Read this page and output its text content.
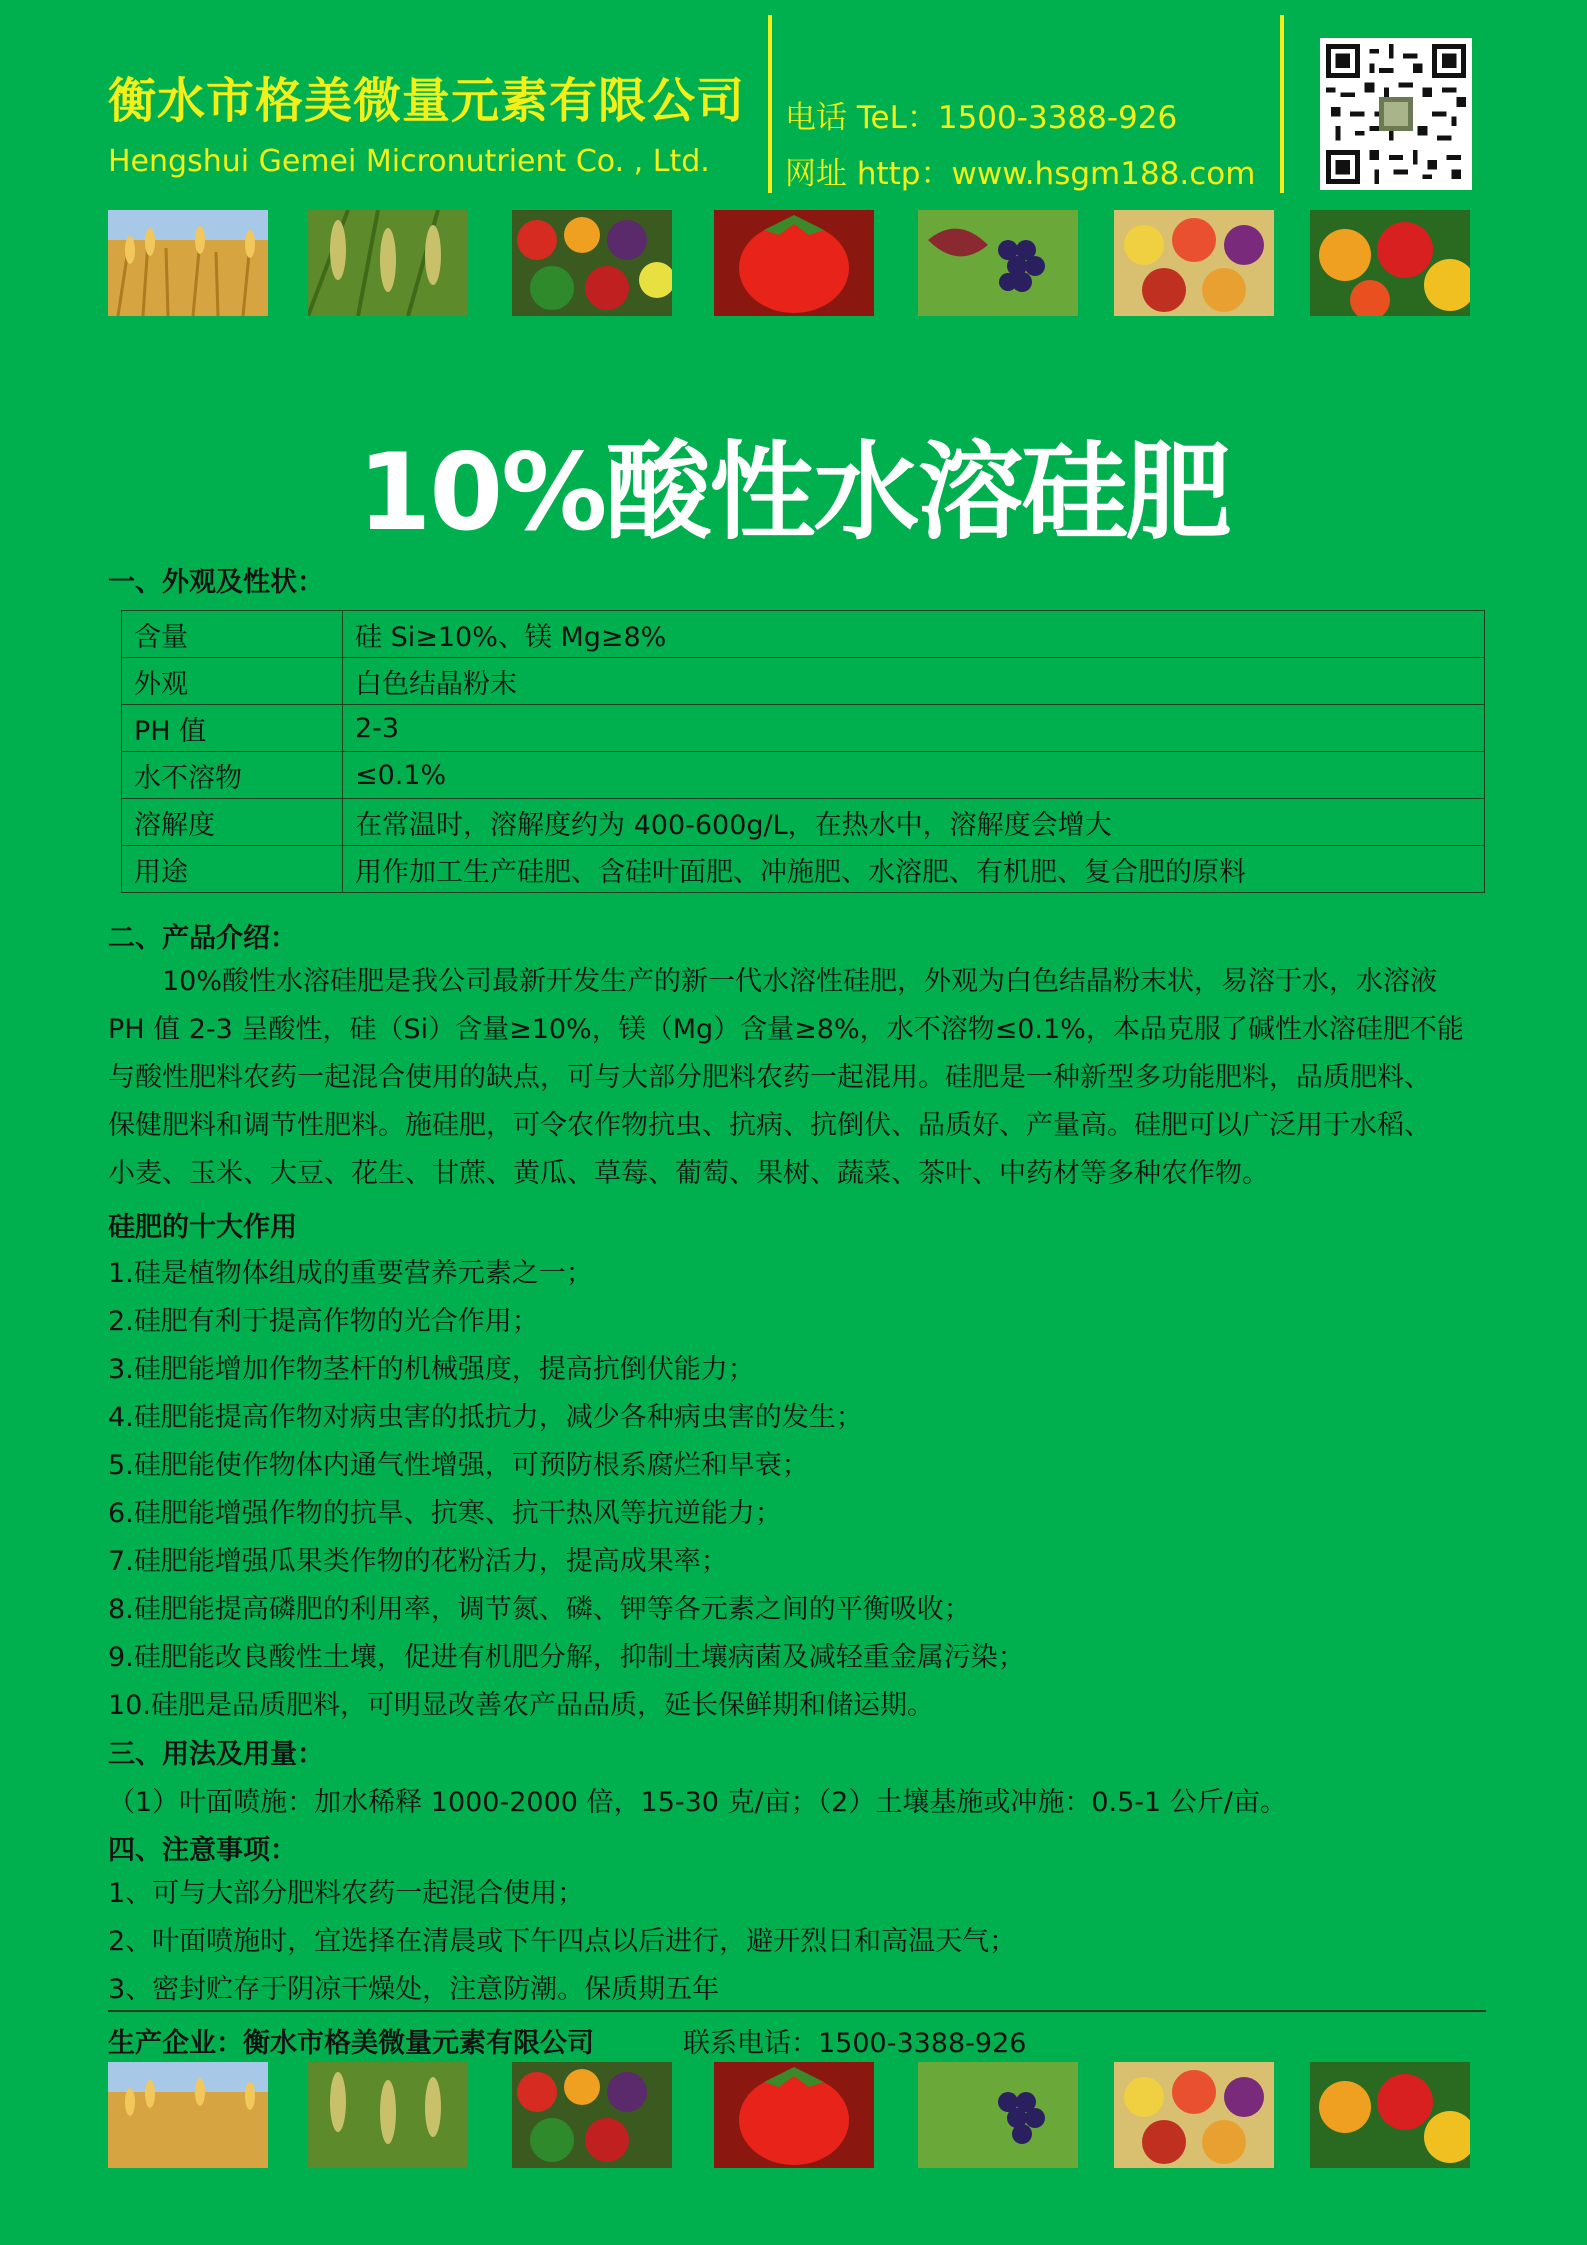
衡水市格美微量元素有限公司
Hengshui Gemei Micronutrient Co. , Ltd.
电话 TeL：1500-3388-926
网址 http：www.hsgm188.com
10%酸性水溶硅肥
一、外观及性状：
含量	硅 Si≥10%、镁 Mg≥8%
外观	白色结晶粉末
PH 值	2-3
水不溶物	≤0.1%
溶解度	在常温时，溶解度约为 400-600g/L，在热水中，溶解度会增大
用途	用作加工生产硅肥、含硅叶面肥、冲施肥、水溶肥、有机肥、复合肥的原料
二、产品介绍：

　　10%酸性水溶硅肥是我公司最新开发生产的新一代水溶性硅肥，外观为白色结晶粉末状，易溶于水，水溶液

PH 值 2-3 呈酸性，硅（Si）含量≥10%，镁（Mg）含量≥8%，水不溶物≤0.1%，本品克服了碱性水溶硅肥不能

与酸性肥料农药一起混合使用的缺点，可与大部分肥料农药一起混用。硅肥是一种新型多功能肥料，品质肥料、

保健肥料和调节性肥料。施硅肥，可令农作物抗虫、抗病、抗倒伏、品质好、产量高。硅肥可以广泛用于水稻、

小麦、玉米、大豆、花生、甘蔗、黄瓜、草莓、葡萄、果树、蔬菜、茶叶、中药材等多种农作物。

硅肥的十大作用

1.硅是植物体组成的重要营养元素之一；

2.硅肥有利于提高作物的光合作用；

3.硅肥能增加作物茎杆的机械强度，提高抗倒伏能力；

4.硅肥能提高作物对病虫害的抵抗力，减少各种病虫害的发生；

5.硅肥能使作物体内通气性增强，可预防根系腐烂和早衰；

6.硅肥能增强作物的抗旱、抗寒、抗干热风等抗逆能力；

7.硅肥能增强瓜果类作物的花粉活力，提高成果率；

8.硅肥能提高磷肥的利用率，调节氮、磷、钾等各元素之间的平衡吸收；

9.硅肥能改良酸性土壤，促进有机肥分解，抑制土壤病菌及减轻重金属污染；

10.硅肥是品质肥料，可明显改善农产品品质，延长保鲜期和储运期。

三、用法及用量：
（1）叶面喷施：加水稀释 1000-2000 倍，15-30 克/亩；（2）土壤基施或冲施：0.5-1 公斤/亩。
四、注意事项：

1、可与大部分肥料农药一起混合使用；

2、叶面喷施时，宜选择在清晨或下午四点以后进行，避开烈日和高温天气；

3、密封贮存于阴凉干燥处，注意防潮。保质期五年

生产企业：衡水市格美微量元素有限公司	联系电话：1500-3388-926
